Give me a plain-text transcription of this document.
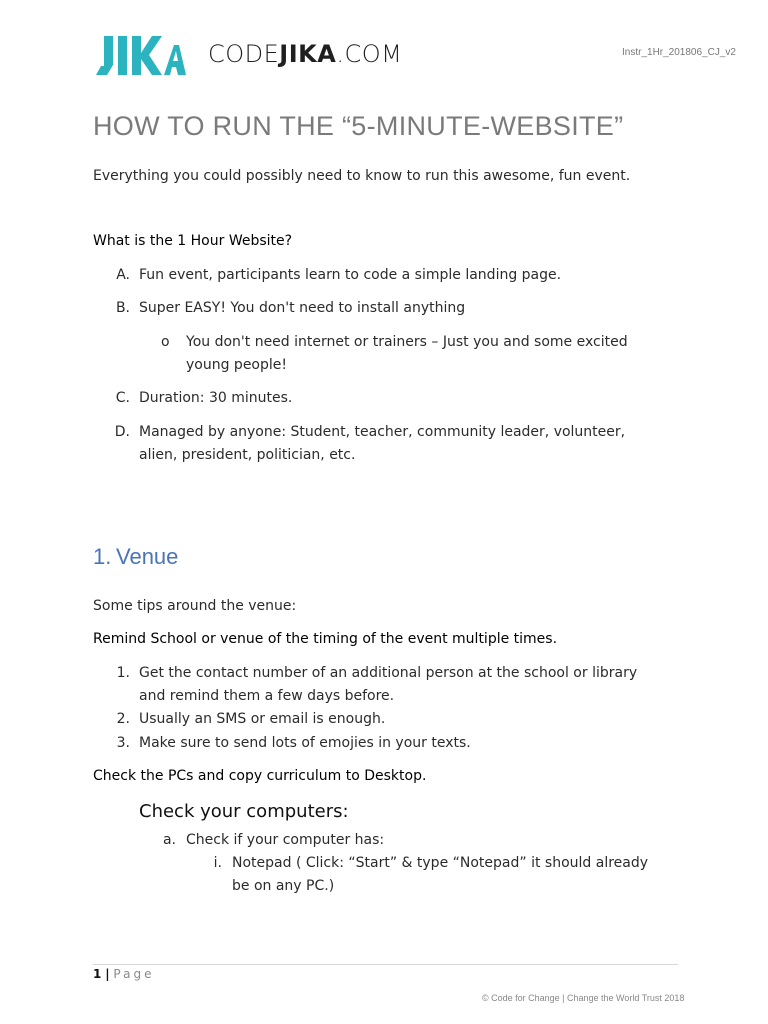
CODEJIKA.COM	Instr_1Hr_201806_CJ_v2
HOW TO RUN THE “5-MINUTE-WEBSITE”
Everything you could possibly need to know to run this awesome, fun event.
What is the 1 Hour Website?
A. Fun event, participants learn to code a simple landing page.
B. Super EASY! You don't need to install anything
o You don't need internet or trainers – Just you and some excited
young people!
C. Duration: 30 minutes.
D. Managed by anyone: Student, teacher, community leader, volunteer,
alien, president, politician, etc.
1. Venue
Some tips around the venue:
Remind School or venue of the timing of the event multiple times.
1. Get the contact number of an additional person at the school or library
and remind them a few days before.
2. Usually an SMS or email is enough.
3. Make sure to send lots of emojies in your texts.
Check the PCs and copy curriculum to Desktop.
Check your computers:
a. Check if your computer has:
i. Notepad ( Click: “Start” & type “Notepad” it should already
be on any PC.)
1 | Page
© Code for Change | Change the World Trust 2018
